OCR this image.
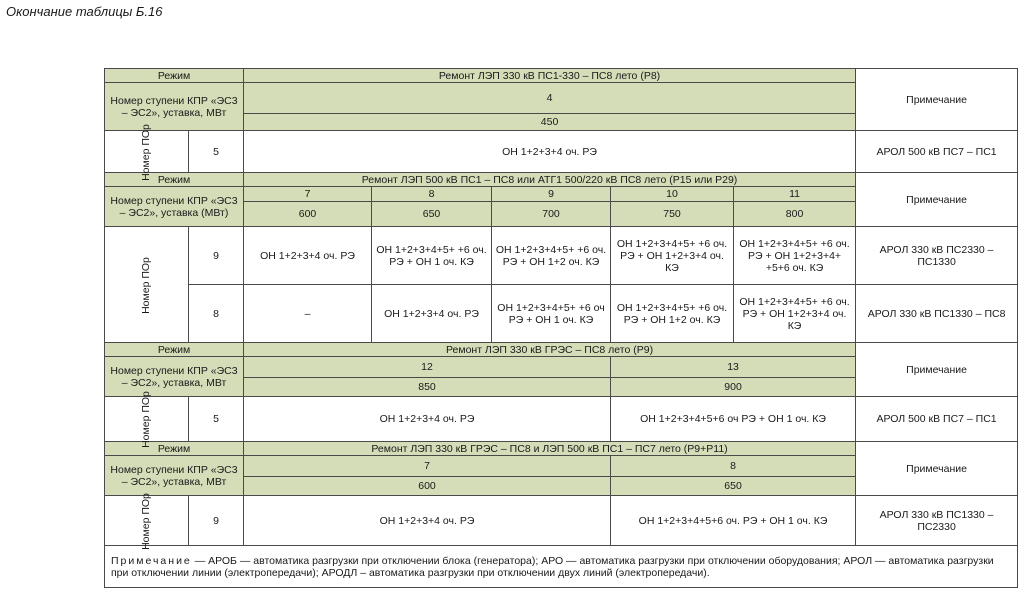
Окончание таблицы Б.16
Режим		Ремонт ЛЭП 330 кВ ПС1-330 – ПС8 лето (Р8)					Примечание
Номер ступени КПР «ЭС3 – ЭС2», уставка, МВт		4					
		450					
Номер ПОр	5	ОН 1+2+3+4 оч. РЭ					АРОЛ 500 кВ ПС7 – ПС1
Режим		Ремонт ЛЭП 500 кВ ПС1 – ПС8 или АТГ1 500/220 кВ ПС8 лето (Р15 или Р29)					Примечание
Номер ступени КПР «ЭС3 – ЭС2», уставка (МВт)		7	8	9	10	11	
		600	650	700	750	800	
Номер ПОр	9	ОН 1+2+3+4 оч. РЭ	ОН 1+2+3+4+5+ +6 оч. РЭ + ОН 1 оч. КЭ	ОН 1+2+3+4+5+ +6 оч. РЭ + ОН 1+2 оч. КЭ	ОН 1+2+3+4+5+ +6 оч. РЭ + ОН 1+2+3+4 оч. КЭ	ОН 1+2+3+4+5+ +6 оч. РЭ + ОН 1+2+3+4+ +5+6 оч. КЭ	АРОЛ 330 кВ ПС2330 – ПС1330
	8	–	ОН 1+2+3+4 оч. РЭ	ОН 1+2+3+4+5+ +6 оч РЭ + ОН 1 оч. КЭ	ОН 1+2+3+4+5+ +6 оч. РЭ + ОН 1+2 оч. КЭ	ОН 1+2+3+4+5+ +6 оч. РЭ + ОН 1+2+3+4 оч. КЭ	АРОЛ 330 кВ ПС1330 – ПС8
Режим		Ремонт ЛЭП 330 кВ ГРЭС – ПС8 лето (Р9)					Примечание
Номер ступени КПР «ЭС3 – ЭС2», уставка, МВт		12			13		
		850			900		
Номер ПОр	5	ОН 1+2+3+4 оч. РЭ			ОН 1+2+3+4+5+6 оч РЭ + ОН 1 оч. КЭ		АРОЛ 500 кВ ПС7 – ПС1
Режим		Ремонт ЛЭП 330 кВ ГРЭС – ПС8 и ЛЭП 500 кВ ПС1 – ПС7 лето (Р9+Р11)					Примечание
Номер ступени КПР «ЭС3 – ЭС2», уставка, МВт		7			8		
		600			650		
Номер ПОр	9	ОН 1+2+3+4 оч. РЭ			ОН 1+2+3+4+5+6 оч. РЭ + ОН 1 оч. КЭ		АРОЛ 330 кВ ПС1330 – ПС2330
Примечание — АРОБ — автоматика разгрузки при отключении блока (генератора); АРО — автоматика разгрузки при отключении оборудования; АРОЛ — автоматика разгрузки при отключении линии (электропередачи); АРОДЛ – автоматика разгрузки при отключении двух линий (электропередачи).							
